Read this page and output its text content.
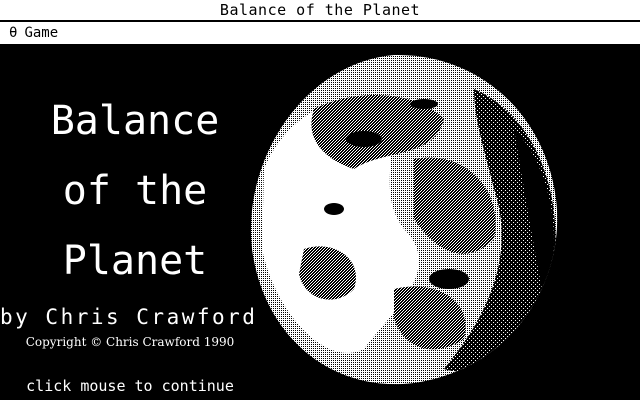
Balance of the Planet
θ Game
Balance
of the
Planet
by Chris Crawford
Copyright © Chris Crawford 1990
click mouse to continue
